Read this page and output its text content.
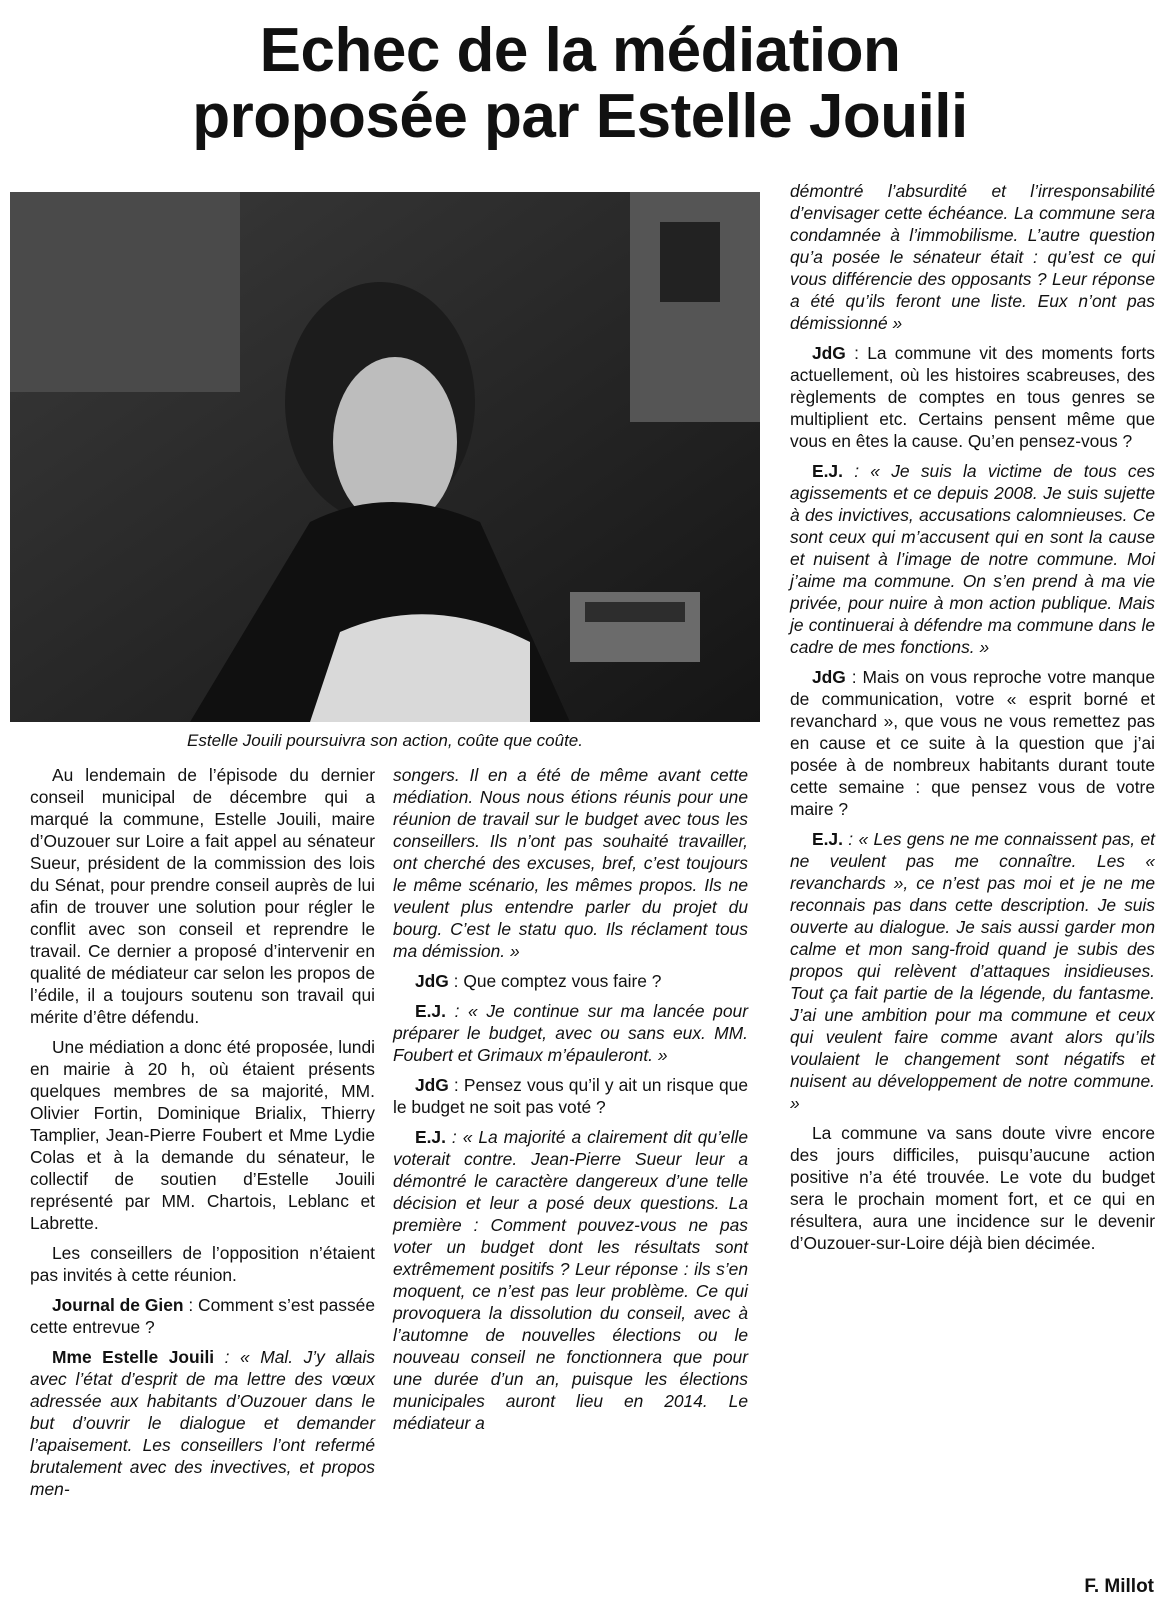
Echec de la médiation
proposée par Estelle Jouili
Estelle Jouili poursuivra son action, coûte que coûte.

Au lendemain de l’épisode du dernier conseil municipal de décembre qui a marqué la commune, Estelle Jouili, maire d’Ouzouer sur Loire a fait appel au sénateur Sueur, président de la commission des lois du Sénat, pour prendre conseil auprès de lui afin de trouver une solution pour régler le conflit avec son conseil et reprendre le travail. Ce dernier a proposé d’intervenir en qualité de médiateur car selon les propos de l’édile, il a toujours soutenu son travail qui mérite d’être défendu.

Une médiation a donc été proposée, lundi en mairie à 20 h, où étaient présents quelques membres de sa majorité, MM. Olivier Fortin, Dominique Brialix, Thierry Tamplier, Jean-Pierre Foubert et Mme Lydie Colas et à la demande du sénateur, le collectif de soutien d’Estelle Jouili représenté par MM. Chartois, Leblanc et Labrette.

Les conseillers de l’opposition n’étaient pas invités à cette réunion.

Journal de Gien : Comment s’est passée cette entrevue ?

Mme Estelle Jouili : « Mal. J’y allais avec l’état d’esprit de ma lettre des vœux adressée aux habitants d’Ouzouer dans le but d’ouvrir le dialogue et demander l’apaisement. Les conseillers l’ont refermé brutalement avec des invectives, et propos men-

songers. Il en a été de même avant cette médiation. Nous nous étions réunis pour une réunion de travail sur le budget avec tous les conseillers. Ils n’ont pas souhaité travailler, ont cherché des excuses, bref, c’est toujours le même scénario, les mêmes propos. Ils ne veulent plus entendre parler du projet du bourg. C’est le statu quo. Ils réclament tous ma démission. »

JdG : Que comptez vous faire ?

E.J. : « Je continue sur ma lancée pour préparer le budget, avec ou sans eux. MM. Foubert et Grimaux m’épauleront. »

JdG : Pensez vous qu’il y ait un risque que le budget ne soit pas voté ?

E.J. : « La majorité a clairement dit qu’elle voterait contre. Jean-Pierre Sueur leur a démontré le caractère dangereux d’une telle décision et leur a posé deux questions. La première : Comment pouvez-vous ne pas voter un budget dont les résultats sont extrêmement positifs ? Leur réponse : ils s’en moquent, ce n’est pas leur problème. Ce qui provoquera la dissolution du conseil, avec à l’automne de nouvelles élections ou le nouveau conseil ne fonctionnera que pour une durée d’un an, puisque les élections municipales auront lieu en 2014. Le médiateur a

démontré l’absurdité et l’irresponsabilité d’envisager cette échéance. La commune sera condamnée à l’immobilisme. L’autre question qu’a posée le sénateur était : qu’est ce qui vous différencie des opposants ? Leur réponse a été qu’ils feront une liste. Eux n’ont pas démissionné »

JdG : La commune vit des moments forts actuellement, où les histoires scabreuses, des règlements de comptes en tous genres se multiplient etc. Certains pensent même que vous en êtes la cause. Qu’en pensez-vous ?

E.J. : « Je suis la victime de tous ces agissements et ce depuis 2008. Je suis sujette à des invictives, accusations calomnieuses. Ce sont ceux qui m’accusent qui en sont la cause et nuisent à l’image de notre commune. Moi j’aime ma commune. On s’en prend à ma vie privée, pour nuire à mon action publique. Mais je continuerai à défendre ma commune dans le cadre de mes fonctions. »

JdG : Mais on vous reproche votre manque de communication, votre « esprit borné et revanchard », que vous ne vous remettez pas en cause et ce suite à la question que j’ai posée à de nombreux habitants durant toute cette semaine : que pensez vous de votre maire ?

E.J. : « Les gens ne me connaissent pas, et ne veulent pas me connaître. Les « revanchards », ce n’est pas moi et je ne me reconnais pas dans cette description. Je suis ouverte au dialogue. Je sais aussi garder mon calme et mon sang-froid quand je subis des propos qui relèvent d’attaques insidieuses. Tout ça fait partie de la légende, du fantasme. J’ai une ambition pour ma commune et ceux qui veulent faire comme avant alors qu’ils voulaient le changement sont négatifs et nuisent au développement de notre commune. »

La commune va sans doute vivre encore des jours difficiles, puisqu’aucune action positive n’a été trouvée. Le vote du budget sera le prochain moment fort, et ce qui en résultera, aura une incidence sur le devenir d’Ouzouer-sur-Loire déjà bien décimée.

F. Millot
